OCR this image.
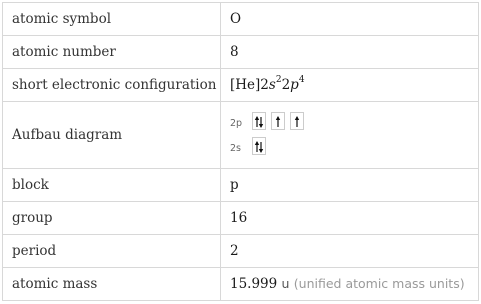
atomic symbol	O
atomic number	8
short electronic configuration	$[He]2s^22p^4$
Aufbau diagram	2p
2s

block	p
group	16
period	2
atomic mass	15.999 u (unified atomic mass units)
